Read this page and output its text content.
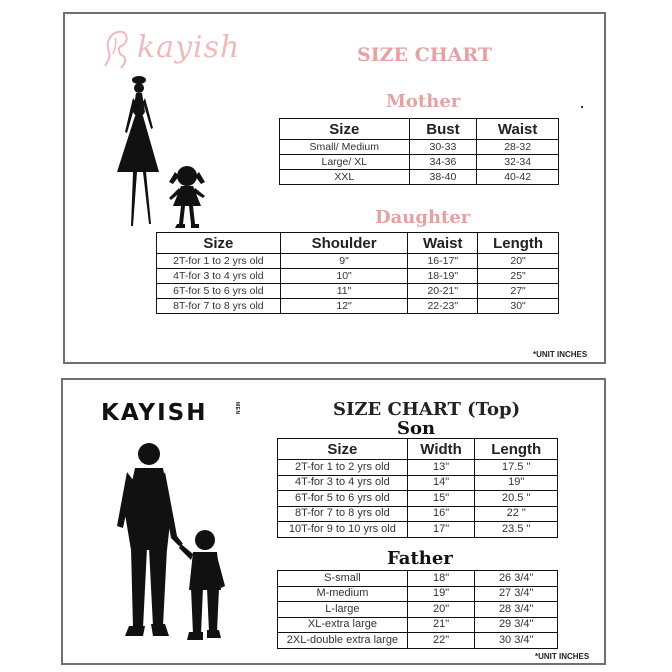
kayish	SIZE CHART
Mother
Size	Bust	Waist
Small/ Medium	30-33	28-32
Large/ XL	34-36	32-34
XXL	38-40	40-42
Daughter
Size	Shoulder	Waist	Length
2T-for 1 to 2 yrs old	9"	16-17"	20"
4T-for 3 to 4 yrs old	10"	18-19"	25"
6T-for 5 to 6 yrs old	11"	20-21"	27"
8T-for 7 to 8 yrs old	12"	22-23"	30"
*UNIT INCHES
KAYISH	MEN	SIZE CHART (Top)
Son
Size	Width	Length
2T-for 1 to 2 yrs old	13"	17.5 "
4T-for 3 to 4 yrs old	14"	19"
6T-for 5 to 6 yrs old	15"	20.5 "
8T-for 7 to 8 yrs old	16"	22 "
10T-for 9 to 10 yrs old	17"	23.5 "
Father
S-small	18"	26 3/4"
M-medium	19"	27 3/4"
L-large	20"	28 3/4"
XL-extra large	21"	29 3/4"
2XL-double extra large	22"	30 3/4"
*UNIT INCHES
